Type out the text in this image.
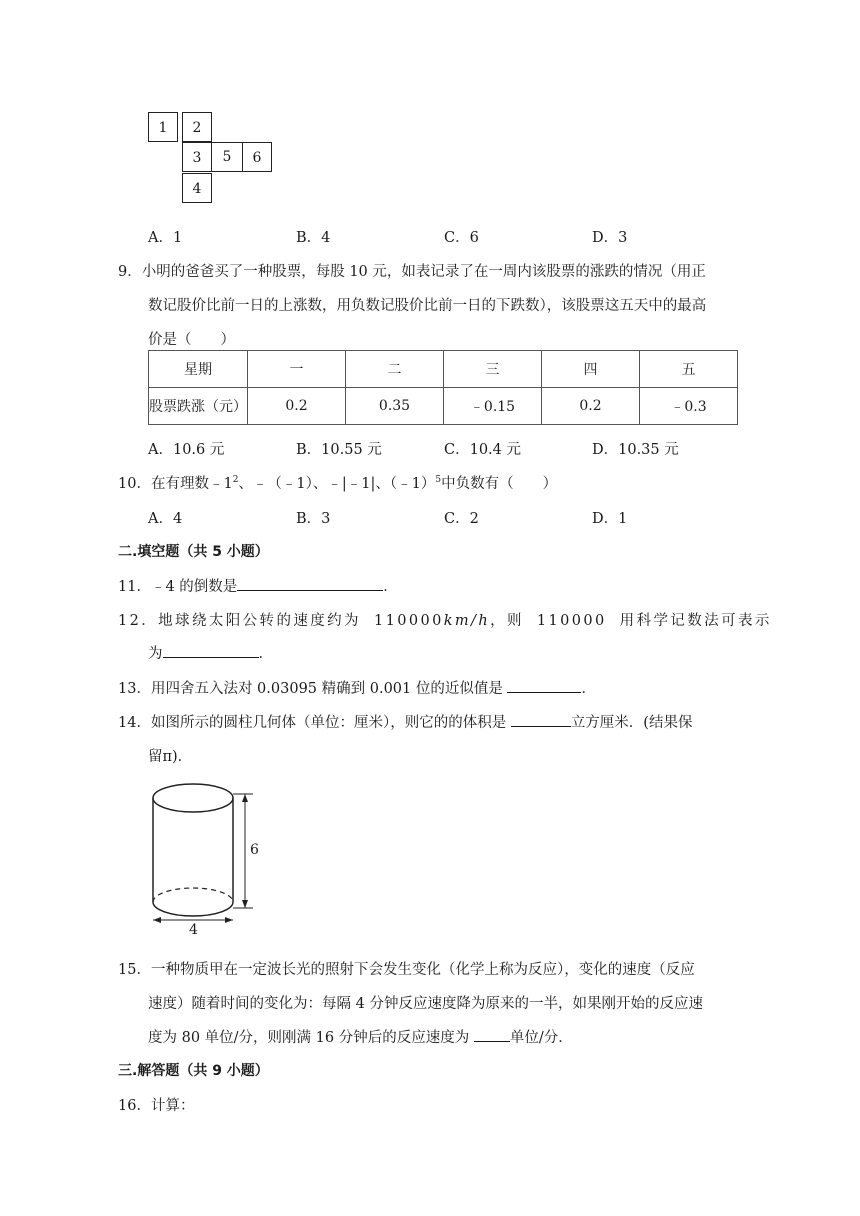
1	2
3	5	6
4
A．1	B．4	C．6	D．3
9．小明的爸爸买了一种股票，每股 10 元，如表记录了在一周内该股票的涨跌的情况（用正
数记股价比前一日的上涨数，用负数记股价比前一日的下跌数），该股票这五天中的最高
价是（　　）
星期	一	二	三	四	五
股票跌涨（元）	0.2	0.35	﹣0.15	0.2	﹣0.3
A．10.6 元	B．10.55 元	C．10.4 元	D．10.35 元
10．在有理数$﹣1^2$、﹣（﹣1）、﹣|﹣1|、（﹣1）$^5$中负数有（　　）
A．4	B．3	C．2	D．1
二.填空题（共 5 小题）
11．﹣4 的倒数是	．
12．地球绕太阳公转的速度约为 110000km/h，则 110000 用科学记数法可表示
为	．
13．用四舍五入法对 0.03095 精确到 0.001 位的近似值是	．
14．如图所示的圆柱几何体（单位：厘米），则它的的体积是	立方厘米．(结果保
留π)．
6
4
15．一种物质甲在一定波长光的照射下会发生变化（化学上称为反应），变化的速度（反应
速度）随着时间的变化为：每隔 4 分钟反应速度降为原来的一半，如果刚开始的反应速
度为 80 单位/分，则刚满 16 分钟后的反应速度为	单位/分．
三.解答题（共 9 小题）
16．计算：
